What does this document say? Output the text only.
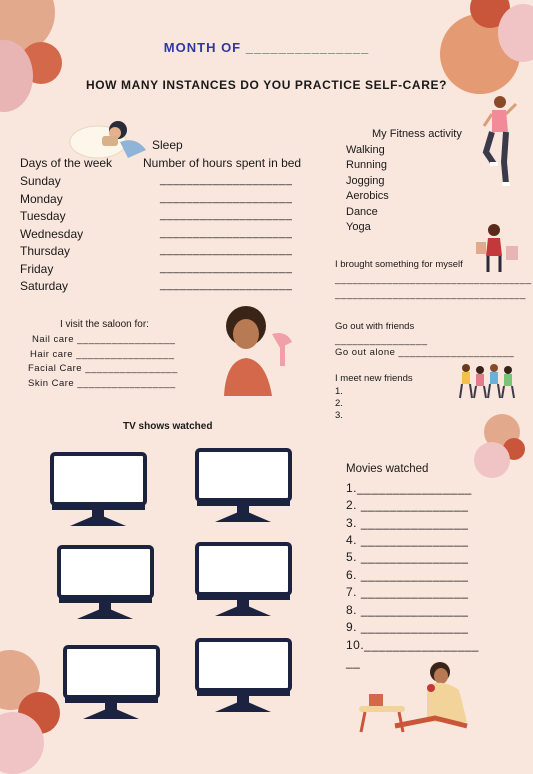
MONTH OF _______________
HOW MANY INSTANCES DO YOU PRACTICE SELF-CARE?
Sleep
Days of the week	Number of hours spent in bed
Sunday
Monday
Tuesday
Wednesday
Thursday
Friday
Saturday
____________________
____________________
____________________
____________________
____________________
____________________
____________________
My Fitness activity
Walking
Running
Jogging
Aerobics
Dance
Yoga
I brought something for myself
__________________________________
_________________________________
I visit the saloon for:
Nail care _________________
Hair care _________________
Facial Care ________________
Skin Care _________________
Go out with friends
________________
Go out alone ____________________
I meet new friends
1.
2.
3.
TV shows watched
Movies watched
1.________________
2. _______________
3. _______________
4. _______________
5. _______________
6. _______________
7. _______________
8. _______________
9. _______________
10.________________
__
